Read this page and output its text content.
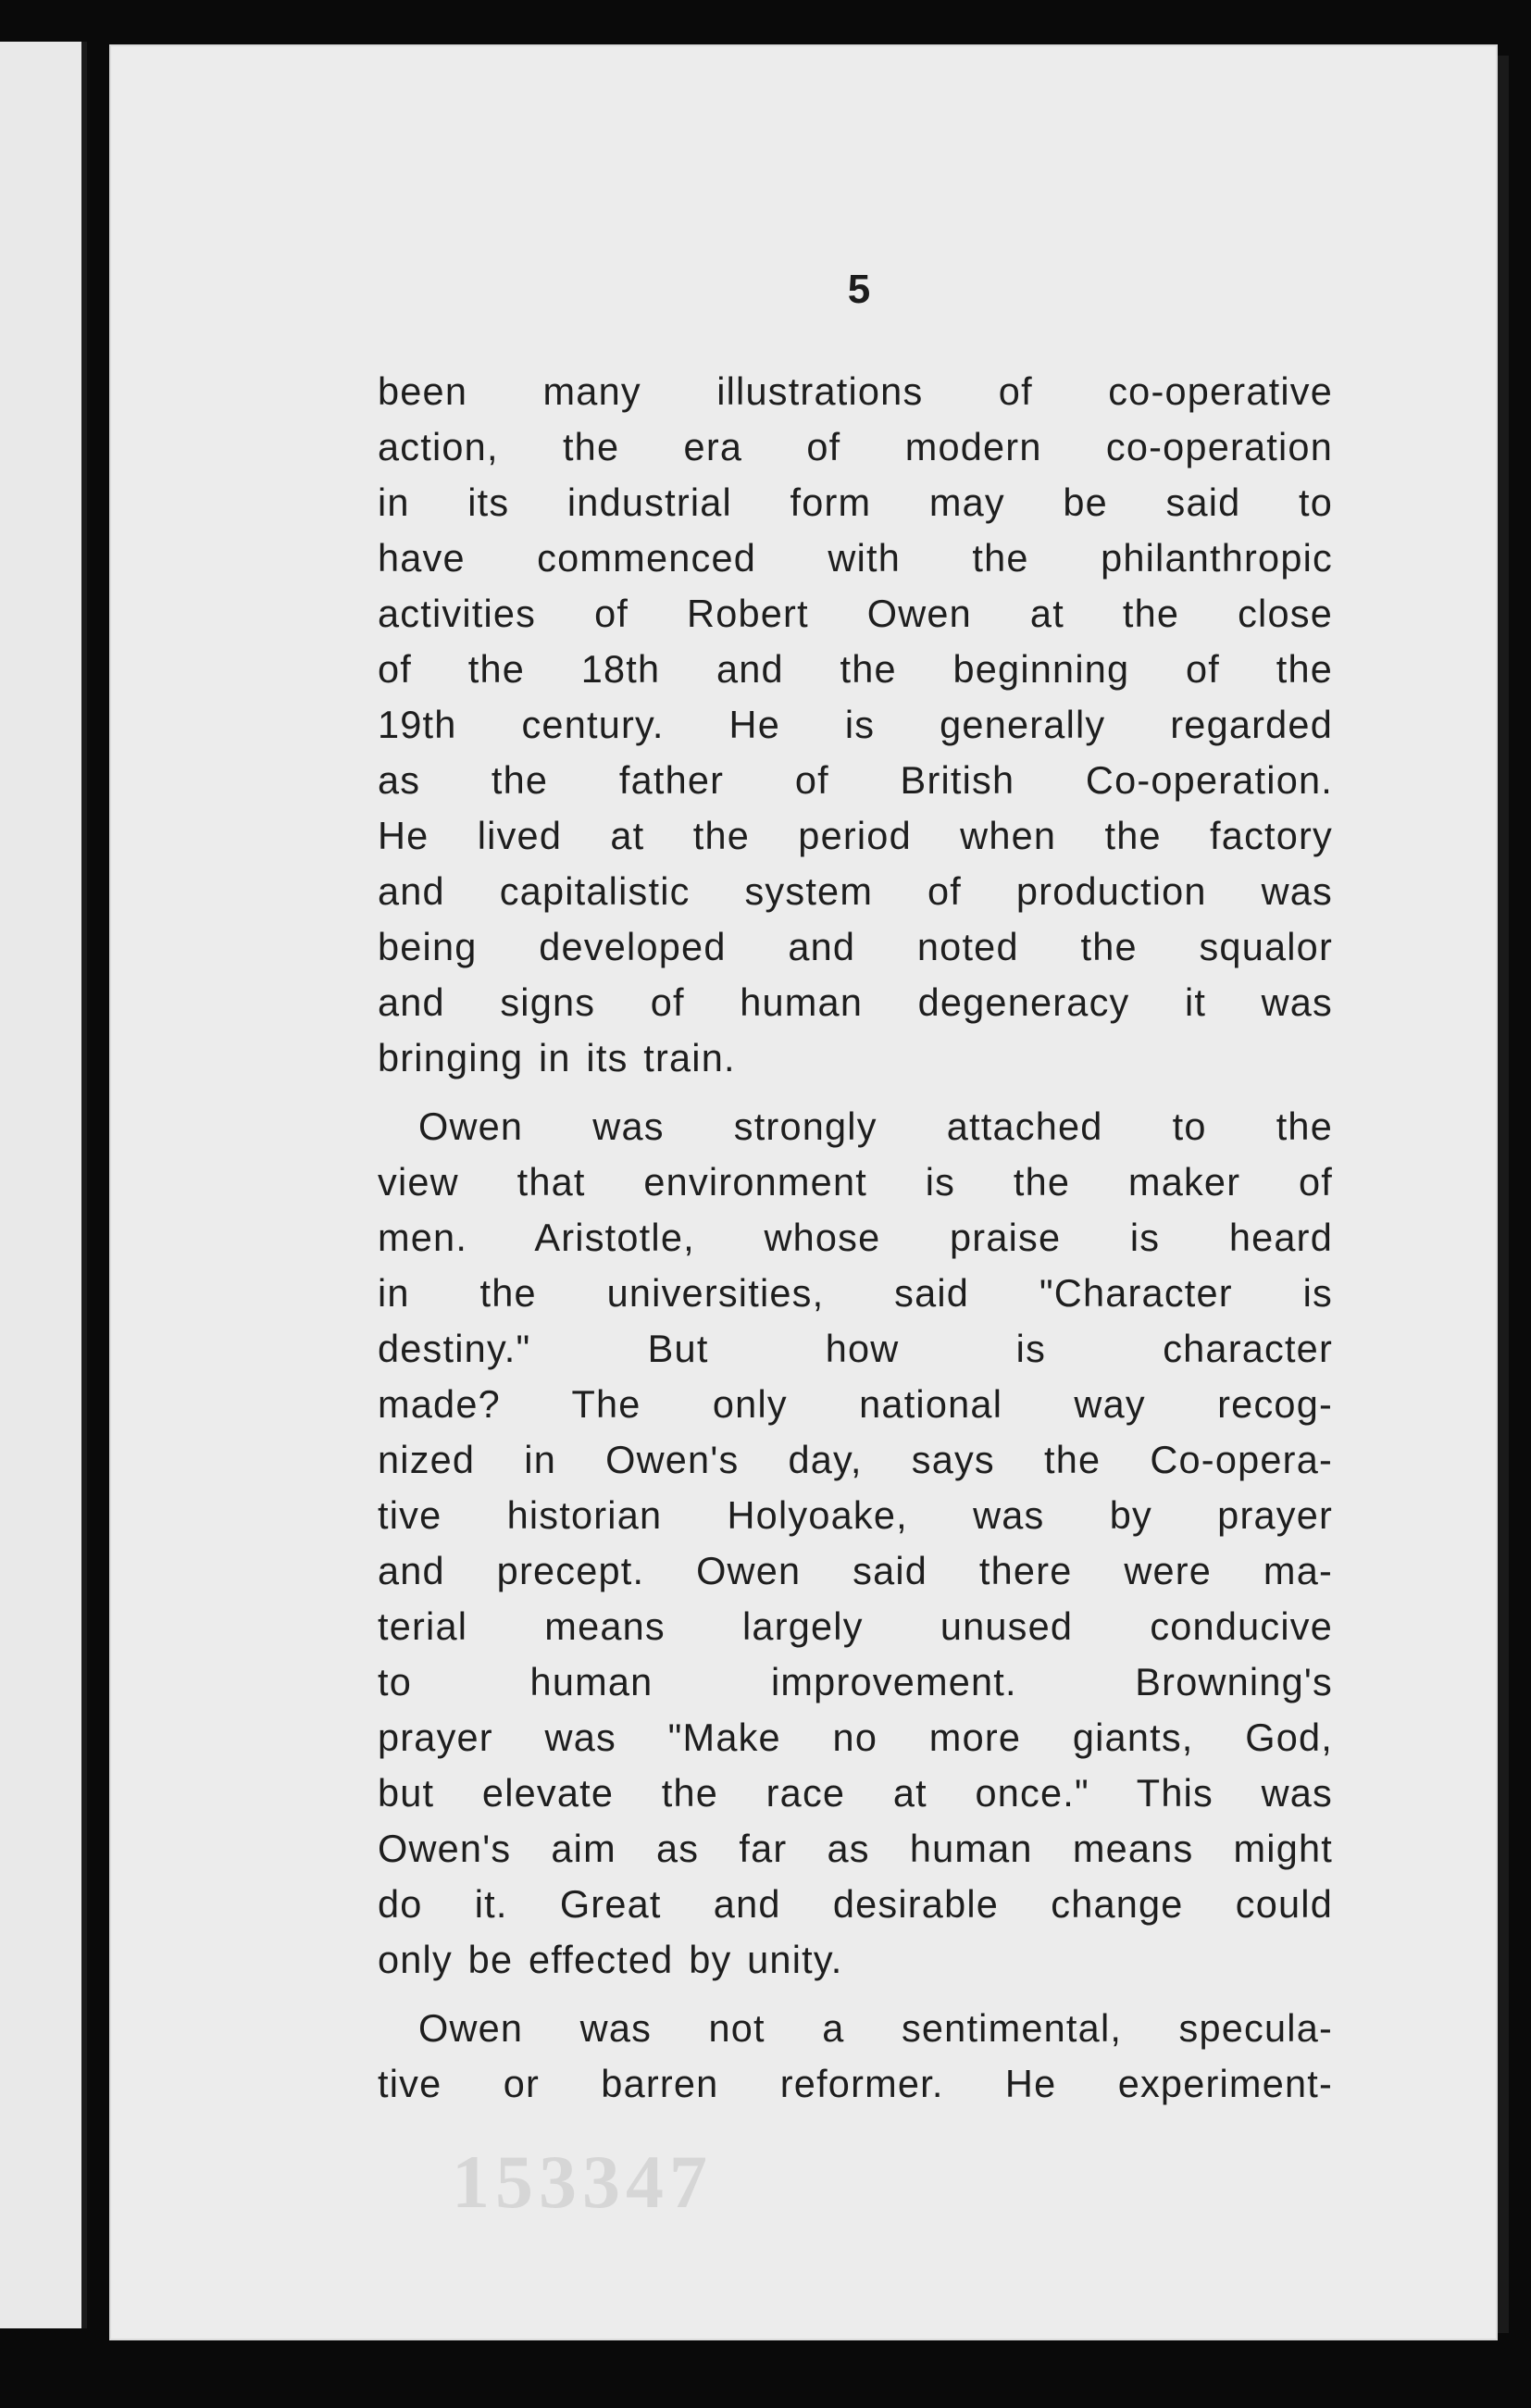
5

been many illustrations of co-operative
action, the era of modern co-operation
in its industrial form may be said to
have commenced with the philanthropic
activities of Robert Owen at the close
of the 18th and the beginning of the
19th century. He is generally regarded
as the father of British Co-operation.
He lived at the period when the factory
and capitalistic system of production was
being developed and noted the squalor
and signs of human degeneracy it was
bringing in its train.

Owen was strongly attached to the
view that environment is the maker of
men. Aristotle, whose praise is heard
in the universities, said "Character is
destiny." But how is character
made? The only national way recog-
nized in Owen's day, says the Co-opera-
tive historian Holyoake, was by prayer
and precept. Owen said there were ma-
terial means largely unused conducive
to human improvement. Browning's
prayer was "Make no more giants, God,
but elevate the race at once." This was
Owen's aim as far as human means might
do it. Great and desirable change could
only be effected by unity.

Owen was not a sentimental, specula-
tive or barren reformer. He experiment-

153347
